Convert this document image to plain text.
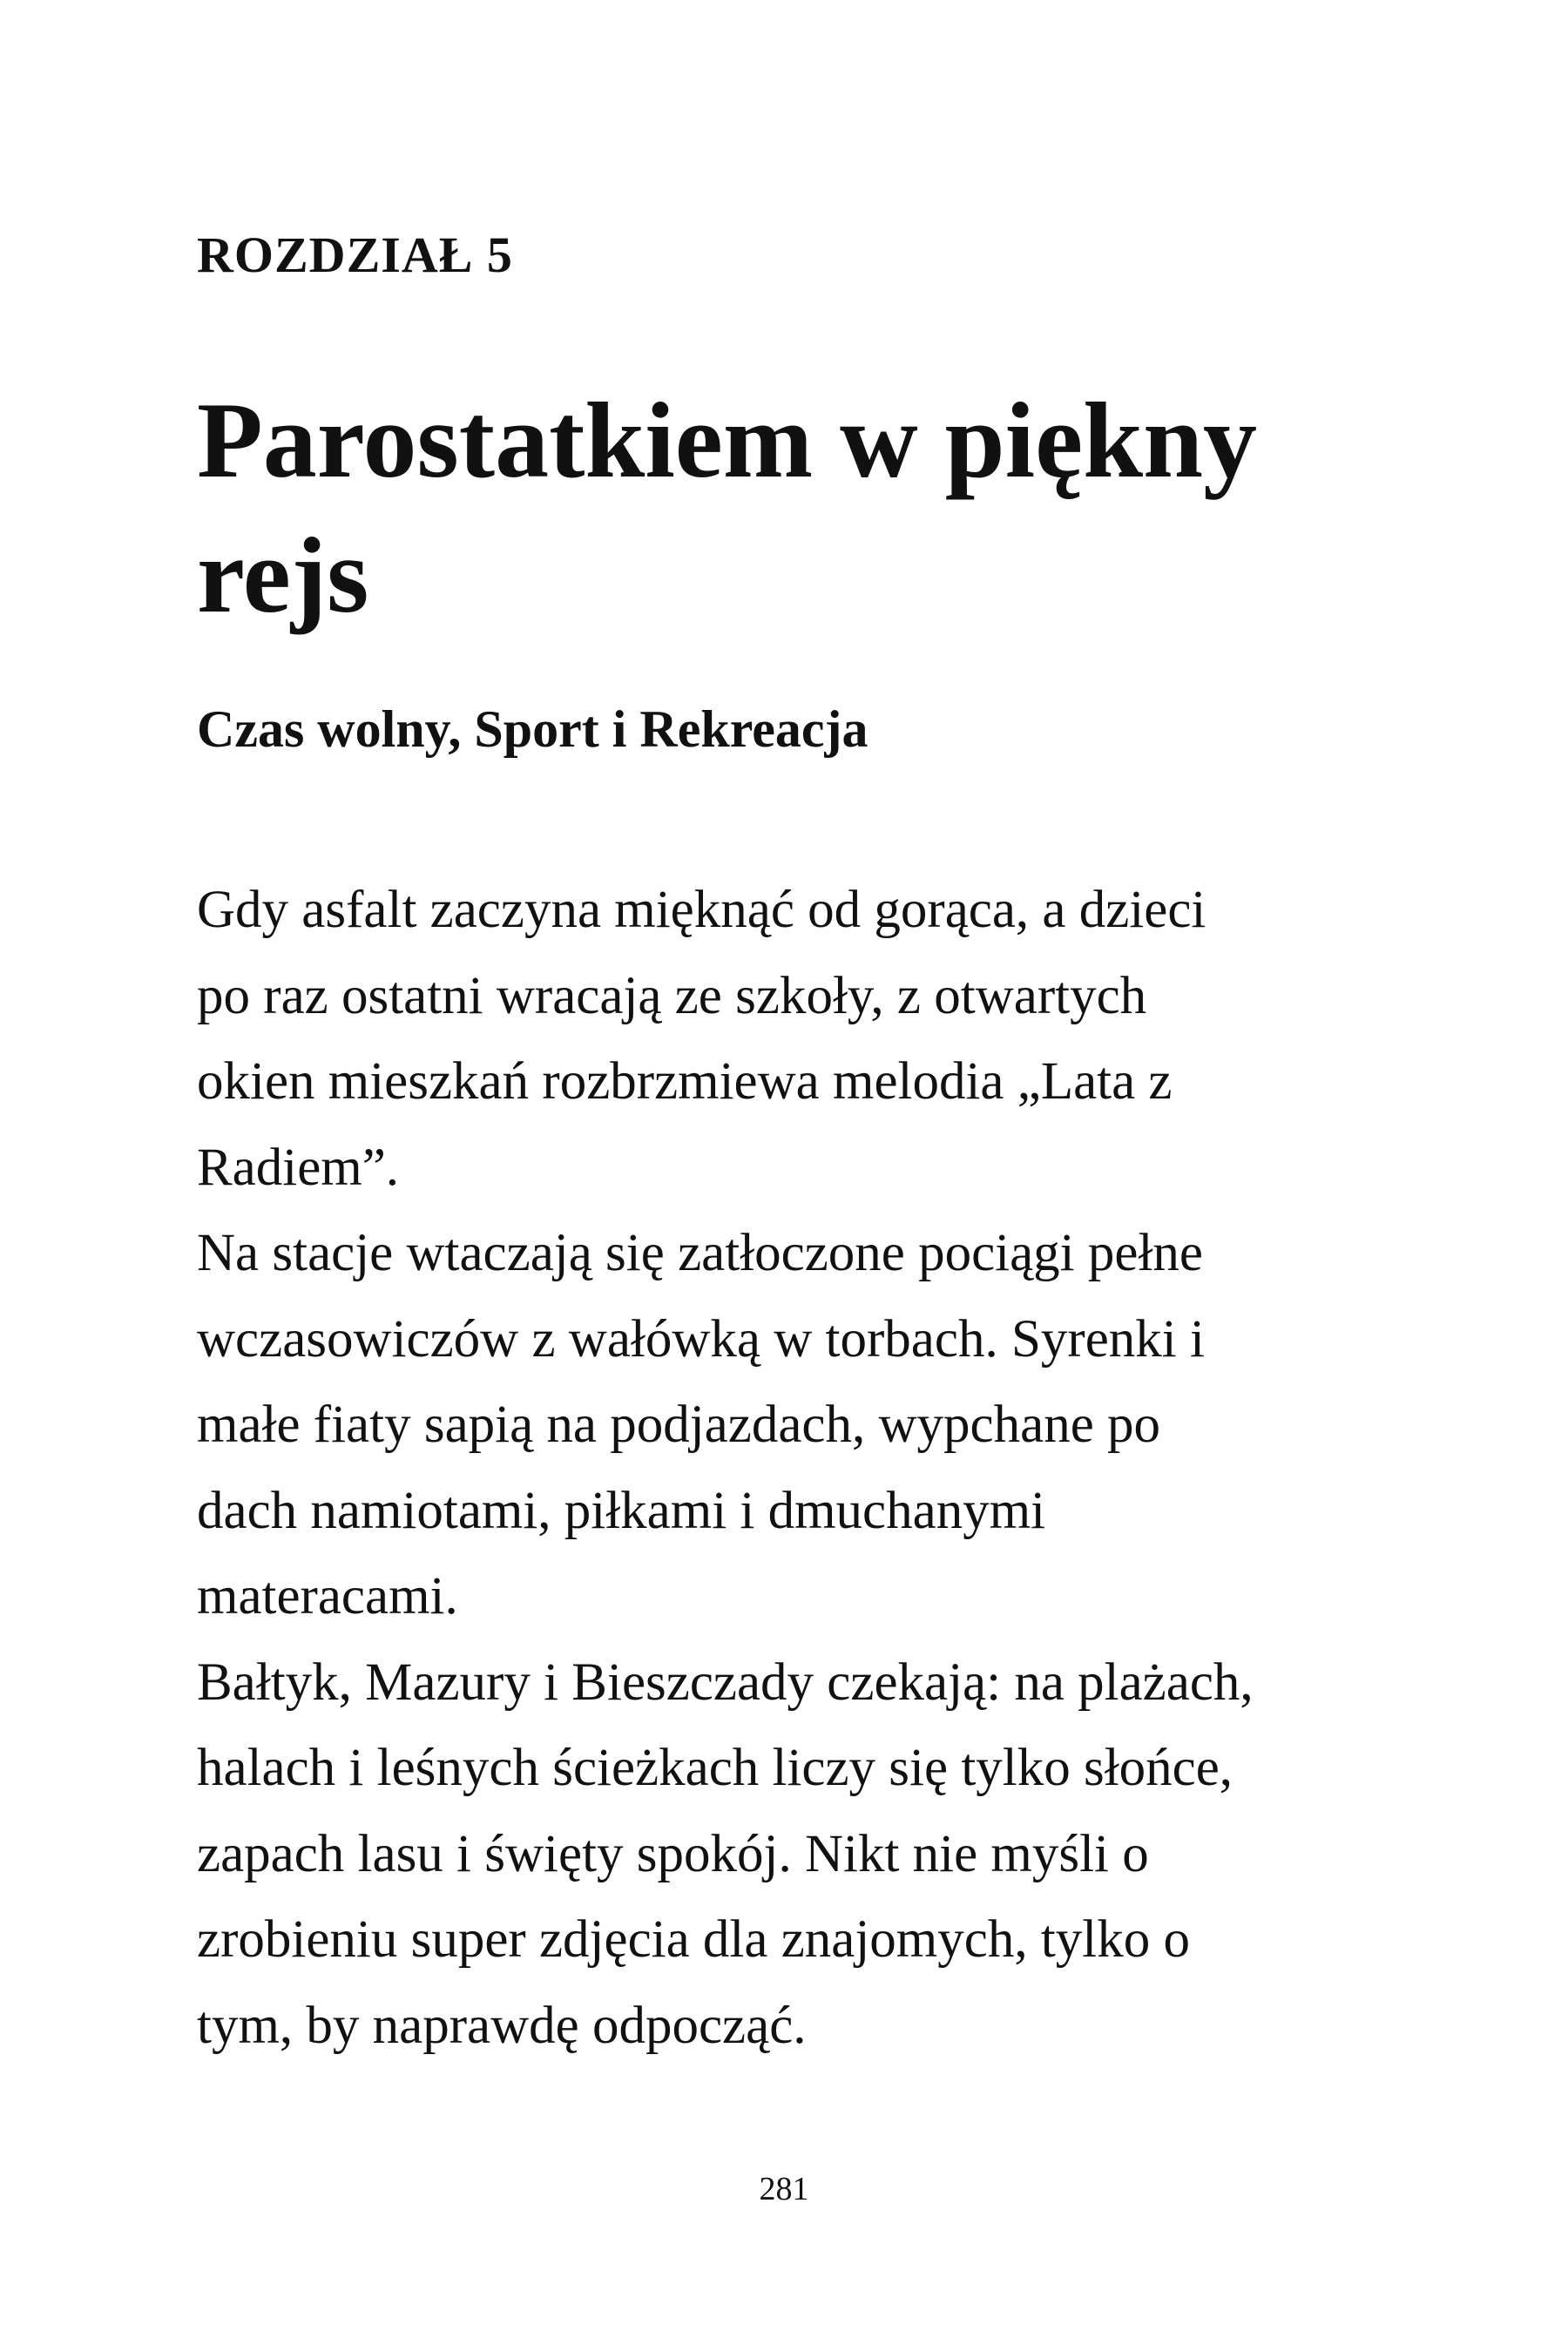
ROZDZIAŁ 5
Parostatkiem w piękny
rejs
Czas wolny, Sport i Rekreacja

Gdy asfalt zaczyna mięknąć od gorąca, a dzieci
po raz ostatni wracają ze szkoły, z otwartych
okien mieszkań rozbrzmiewa melodia „Lata z
Radiem”.

Na stacje wtaczają się zatłoczone pociągi pełne
wczasowiczów z wałówką w torbach. Syrenki i
małe fiaty sapią na podjazdach, wypchane po
dach namiotami, piłkami i dmuchanymi
materacami.

Bałtyk, Mazury i Bieszczady czekają: na plażach,
halach i leśnych ścieżkach liczy się tylko słońce,
zapach lasu i święty spokój. Nikt nie myśli o
zrobieniu super zdjęcia dla znajomych, tylko o
tym, by naprawdę odpocząć.

281
